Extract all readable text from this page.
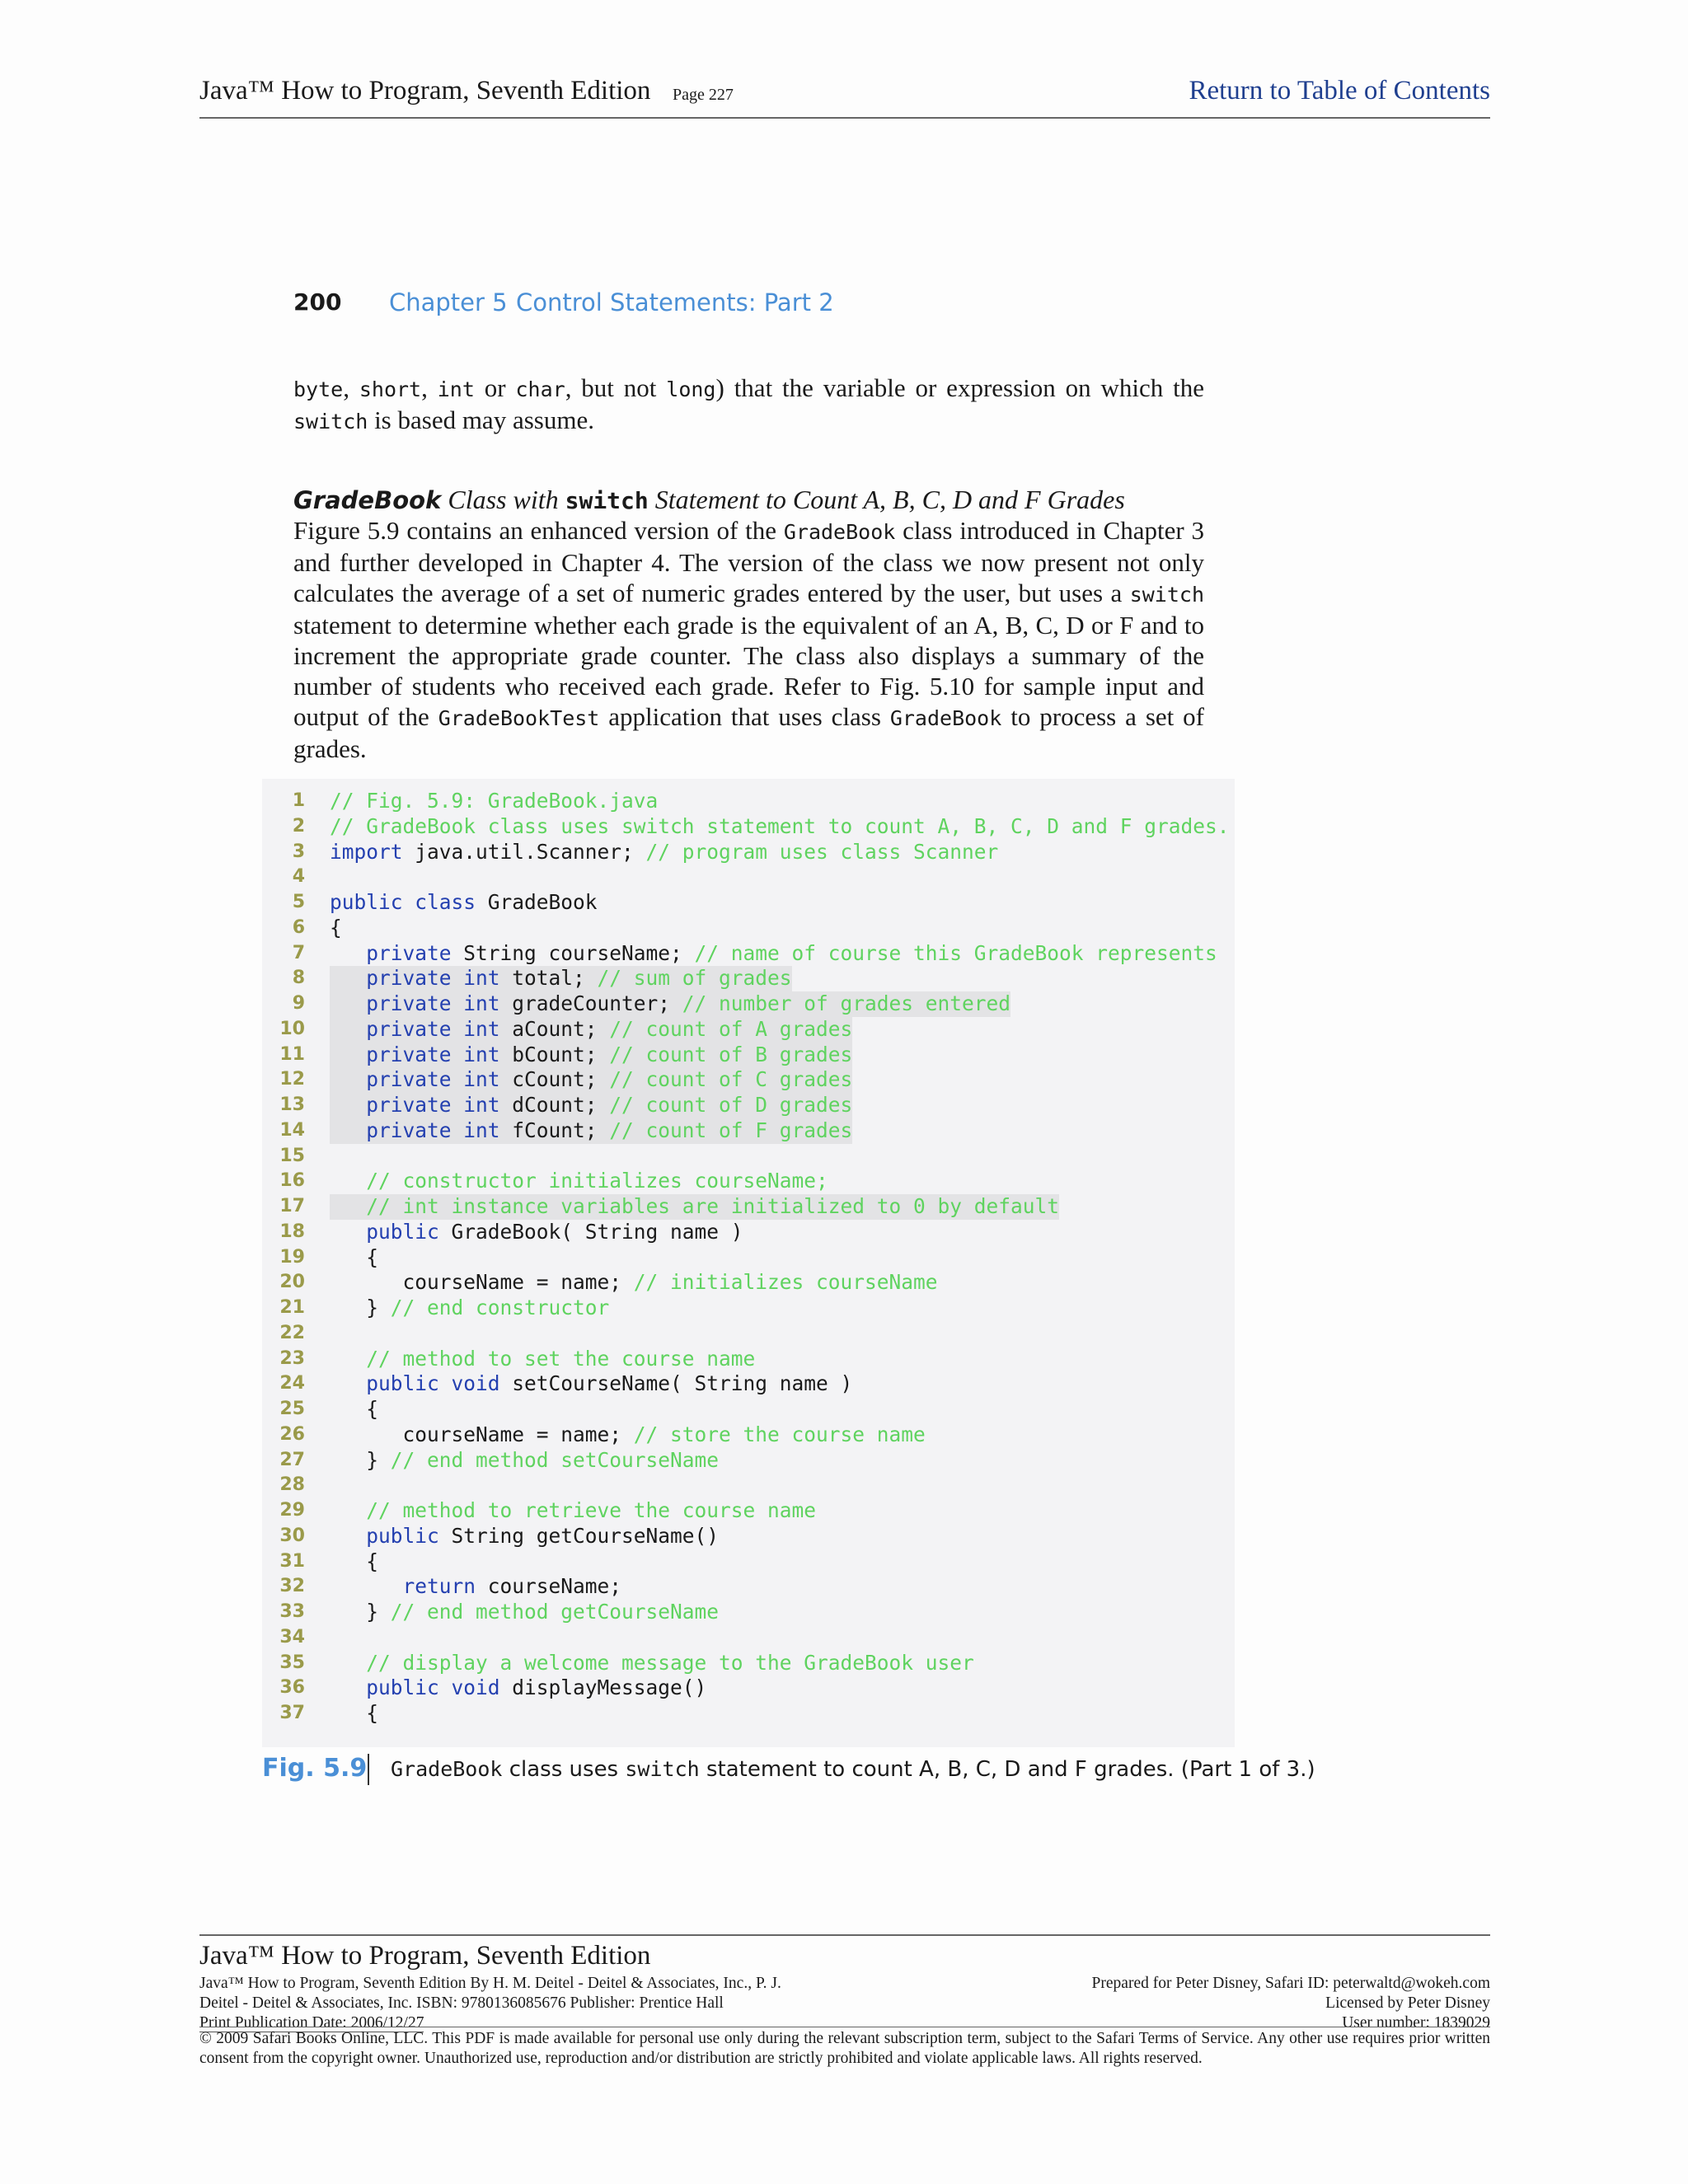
Java™ How to Program, Seventh Edition Page 227	Return to Table of Contents
200 Chapter 5 Control Statements: Part 2
byte, short, int or char, but not long) that the variable or expression on which the switch is based may assume.
GradeBook Class with switch Statement to Count A, B, C, D and F Grades
Figure 5.9 contains an enhanced version of the GradeBook class introduced in Chapter 3 and further developed in Chapter 4. The version of the class we now present not only calculates the average of a set of numeric grades entered by the user, but uses a switch statement to determine whether each grade is the equivalent of an A, B, C, D or F and to increment the appropriate grade counter. The class also displays a summary of the number of students who received each grade. Refer to Fig. 5.10 for sample input and output of the GradeBookTest application that uses class GradeBook to process a set of grades.
1 // Fig. 5.9: GradeBook.java
2 // GradeBook class uses switch statement to count A, B, C, D and F grades.
3 import java.util.Scanner; // program uses class Scanner
4
5 public class GradeBook
6 {
7	private String courseName; // name of course this GradeBook represents
8	private int total; // sum of grades
9	private int gradeCounter; // number of grades entered
10	private int aCount; // count of A grades
11	private int bCount; // count of B grades
12	private int cCount; // count of C grades
13	private int dCount; // count of D grades
14	private int fCount; // count of F grades
15
16	// constructor initializes courseName;
17	// int instance variables are initialized to 0 by default
18	public GradeBook( String name )
19 {
20 courseName = name; // initializes courseName
21 } // end constructor
22
23	// method to set the course name
24	public void setCourseName( String name )
25 {
26 courseName = name; // store the course name
27 } // end method setCourseName
28
29	// method to retrieve the course name
30	public String getCourseName()
31 {
32	return courseName;
33 } // end method getCourseName
34
35	// display a welcome message to the GradeBook user
36	public void displayMessage()
37 {
Fig. 5.9 GradeBook class uses switch statement to count A, B, C, D and F grades. (Part 1 of 3.)
Java™ How to Program, Seventh Edition
Java™ How to Program, Seventh Edition By H. M. Deitel - Deitel & Associates, Inc., P. J.
Deitel - Deitel & Associates, Inc. ISBN: 9780136085676 Publisher: Prentice Hall
Print Publication Date: 2006/12/27
Prepared for Peter Disney, Safari ID: peterwaltd@wokeh.com
Licensed by Peter Disney
User number: 1839029
© 2009 Safari Books Online, LLC. This PDF is made available for personal use only during the relevant subscription term, subject to the Safari Terms of Service. Any other use requires prior written consent from the copyright owner. Unauthorized use, reproduction and/or distribution are strictly prohibited and violate applicable laws. All rights reserved.
